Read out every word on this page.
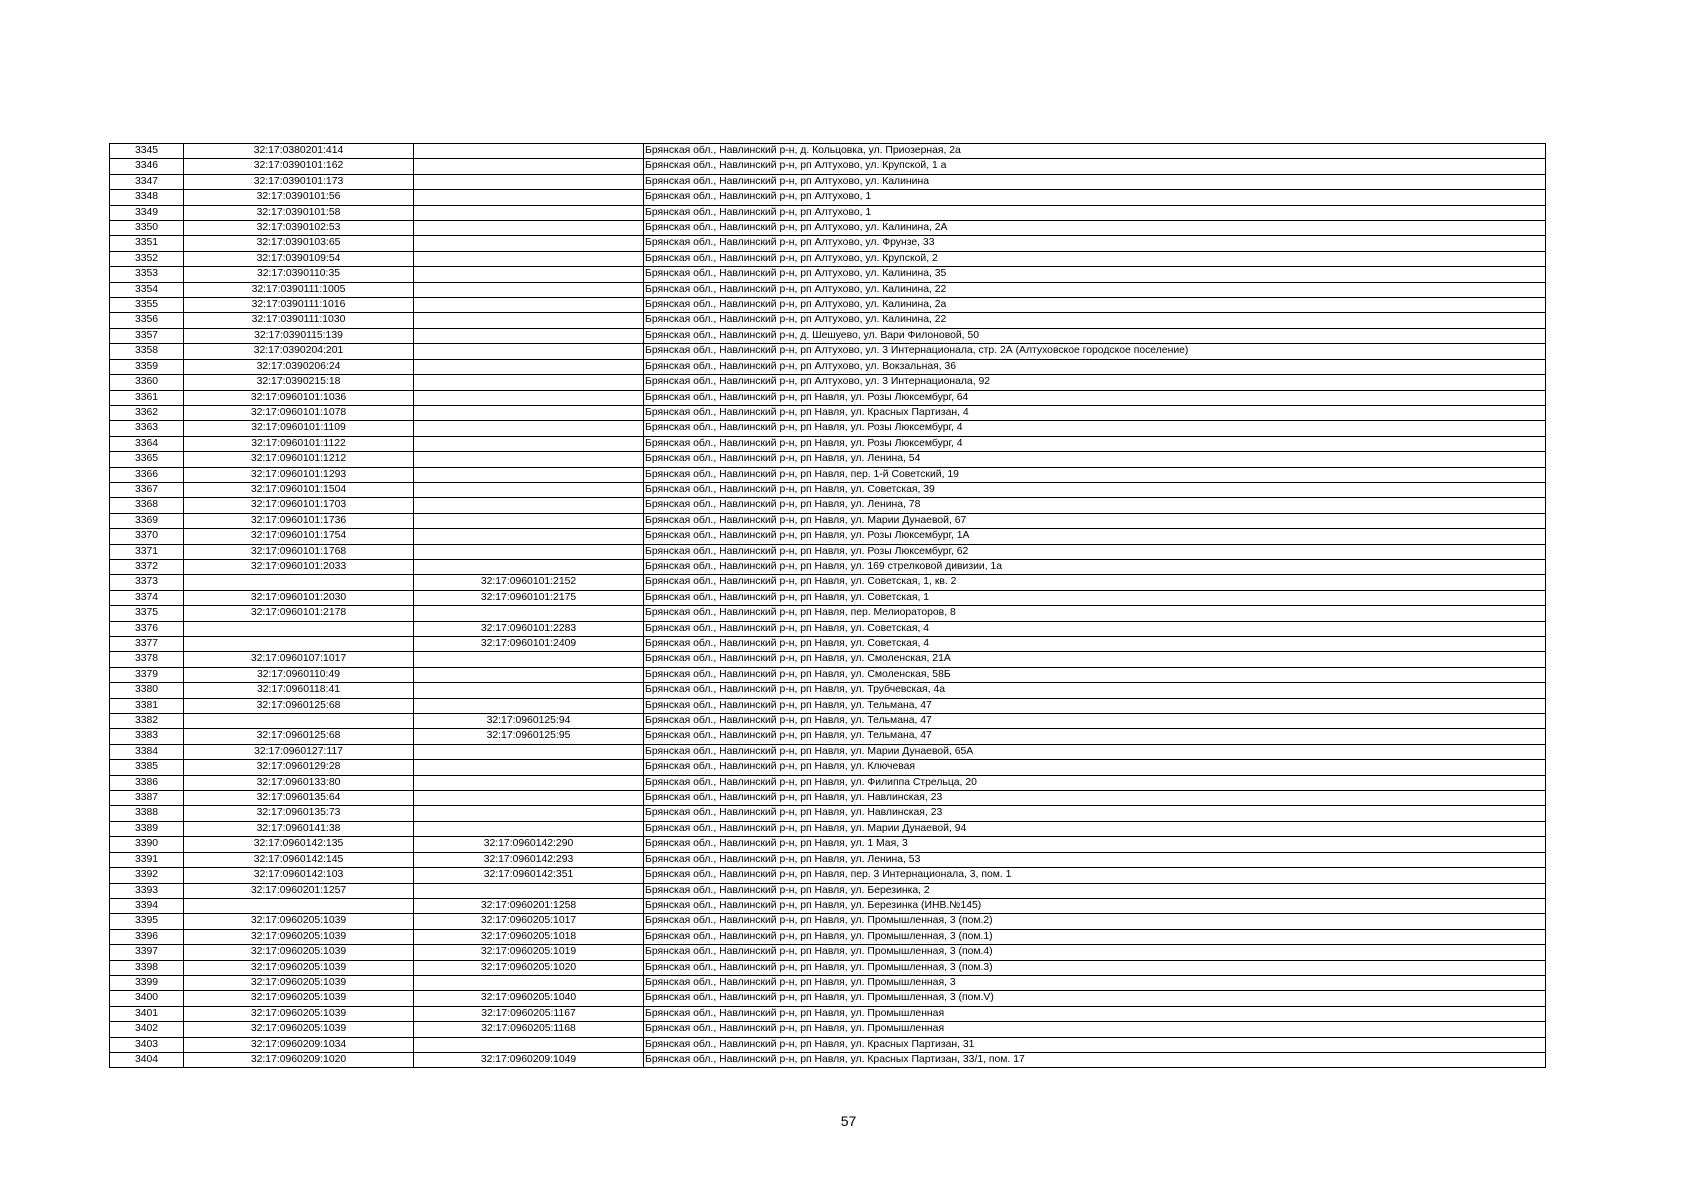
3345	32:17:0380201:414		Брянская обл., Навлинский р-н, д. Кольцовка, ул. Приозерная, 2а
3346	32:17:0390101:162		Брянская обл., Навлинский р-н, рп Алтухово, ул. Крупской, 1 а
3347	32:17:0390101:173		Брянская обл., Навлинский р-н, рп Алтухово, ул. Калинина
3348	32:17:0390101:56		Брянская обл., Навлинский р-н, рп Алтухово, 1
3349	32:17:0390101:58		Брянская обл., Навлинский р-н, рп Алтухово, 1
3350	32:17:0390102:53		Брянская обл., Навлинский р-н, рп Алтухово, ул. Калинина, 2А
3351	32:17:0390103:65		Брянская обл., Навлинский р-н, рп Алтухово, ул. Фрунзе, 33
3352	32:17:0390109:54		Брянская обл., Навлинский р-н, рп Алтухово, ул. Крупской, 2
3353	32:17:0390110:35		Брянская обл., Навлинский р-н, рп Алтухово, ул. Калинина, 35
3354	32:17:0390111:1005		Брянская обл., Навлинский р-н, рп Алтухово, ул. Калинина, 22
3355	32:17:0390111:1016		Брянская обл., Навлинский р-н, рп Алтухово, ул. Калинина, 2а
3356	32:17:0390111:1030		Брянская обл., Навлинский р-н, рп Алтухово, ул. Калинина, 22
3357	32:17:0390115:139		Брянская обл., Навлинский р-н, д. Шешуево, ул. Вари Филоновой, 50
3358	32:17:0390204:201		Брянская обл., Навлинский р-н, рп Алтухово, ул. 3 Интернационала, стр. 2А (Алтуховское городское поселение)
3359	32:17:0390206:24		Брянская обл., Навлинский р-н, рп Алтухово, ул. Вокзальная, 36
3360	32:17:0390215:18		Брянская обл., Навлинский р-н, рп Алтухово, ул. 3 Интернационала, 92
3361	32:17:0960101:1036		Брянская обл., Навлинский р-н, рп Навля, ул. Розы Люксембург, 64
3362	32:17:0960101:1078		Брянская обл., Навлинский р-н, рп Навля, ул. Красных Партизан, 4
3363	32:17:0960101:1109		Брянская обл., Навлинский р-н, рп Навля, ул. Розы Люксембург, 4
3364	32:17:0960101:1122		Брянская обл., Навлинский р-н, рп Навля, ул. Розы Люксембург, 4
3365	32:17:0960101:1212		Брянская обл., Навлинский р-н, рп Навля, ул. Ленина, 54
3366	32:17:0960101:1293		Брянская обл., Навлинский р-н, рп Навля, пер. 1-й Советский, 19
3367	32:17:0960101:1504		Брянская обл., Навлинский р-н, рп Навля, ул. Советская, 39
3368	32:17:0960101:1703		Брянская обл., Навлинский р-н, рп Навля, ул. Ленина, 78
3369	32:17:0960101:1736		Брянская обл., Навлинский р-н, рп Навля, ул. Марии Дунаевой, 67
3370	32:17:0960101:1754		Брянская обл., Навлинский р-н, рп Навля, ул. Розы Люксембург, 1А
3371	32:17:0960101:1768		Брянская обл., Навлинский р-н, рп Навля, ул. Розы Люксембург, 62
3372	32:17:0960101:2033		Брянская обл., Навлинский р-н, рп Навля, ул. 169 стрелковой дивизии, 1а
3373		32:17:0960101:2152	Брянская обл., Навлинский р-н, рп Навля, ул. Советская, 1, кв. 2
3374	32:17:0960101:2030	32:17:0960101:2175	Брянская обл., Навлинский р-н, рп Навля, ул. Советская, 1
3375	32:17:0960101:2178		Брянская обл., Навлинский р-н, рп Навля, пер. Мелиораторов, 8
3376		32:17:0960101:2283	Брянская обл., Навлинский р-н, рп Навля, ул. Советская, 4
3377		32:17:0960101:2409	Брянская обл., Навлинский р-н, рп Навля, ул. Советская, 4
3378	32:17:0960107:1017		Брянская обл., Навлинский р-н, рп Навля, ул. Смоленская, 21А
3379	32:17:0960110:49		Брянская обл., Навлинский р-н, рп Навля, ул. Смоленская, 58Б
3380	32:17:0960118:41		Брянская обл., Навлинский р-н, рп Навля, ул. Трубчевская, 4а
3381	32:17:0960125:68		Брянская обл., Навлинский р-н, рп Навля, ул. Тельмана, 47
3382		32:17:0960125:94	Брянская обл., Навлинский р-н, рп Навля, ул. Тельмана, 47
3383	32:17:0960125:68	32:17:0960125:95	Брянская обл., Навлинский р-н, рп Навля, ул. Тельмана, 47
3384	32:17:0960127:117		Брянская обл., Навлинский р-н, рп Навля, ул. Марии Дунаевой, 65А
3385	32:17:0960129:28		Брянская обл., Навлинский р-н, рп Навля, ул. Ключевая
3386	32:17:0960133:80		Брянская обл., Навлинский р-н, рп Навля, ул. Филиппа Стрельца, 20
3387	32:17:0960135:64		Брянская обл., Навлинский р-н, рп Навля, ул. Навлинская, 23
3388	32:17:0960135:73		Брянская обл., Навлинский р-н, рп Навля, ул. Навлинская, 23
3389	32:17:0960141:38		Брянская обл., Навлинский р-н, рп Навля, ул. Марии Дунаевой, 94
3390	32:17:0960142:135	32:17:0960142:290	Брянская обл., Навлинский р-н, рп Навля, ул. 1 Мая, 3
3391	32:17:0960142:145	32:17:0960142:293	Брянская обл., Навлинский р-н, рп Навля, ул. Ленина, 53
3392	32:17:0960142:103	32:17:0960142:351	Брянская обл., Навлинский р-н, рп Навля, пер. 3 Интернационала, 3, пом. 1
3393	32:17:0960201:1257		Брянская обл., Навлинский р-н, рп Навля, ул. Березинка, 2
3394		32:17:0960201:1258	Брянская обл., Навлинский р-н, рп Навля, ул. Березинка (ИНВ.№145)
3395	32:17:0960205:1039	32:17:0960205:1017	Брянская обл., Навлинский р-н, рп Навля, ул. Промышленная, 3 (пом.2)
3396	32:17:0960205:1039	32:17:0960205:1018	Брянская обл., Навлинский р-н, рп Навля, ул. Промышленная, 3 (пом.1)
3397	32:17:0960205:1039	32:17:0960205:1019	Брянская обл., Навлинский р-н, рп Навля, ул. Промышленная, 3 (пом.4)
3398	32:17:0960205:1039	32:17:0960205:1020	Брянская обл., Навлинский р-н, рп Навля, ул. Промышленная, 3 (пом.3)
3399	32:17:0960205:1039		Брянская обл., Навлинский р-н, рп Навля, ул. Промышленная, 3
3400	32:17:0960205:1039	32:17:0960205:1040	Брянская обл., Навлинский р-н, рп Навля, ул. Промышленная, 3 (пом.V)
3401	32:17:0960205:1039	32:17:0960205:1167	Брянская обл., Навлинский р-н, рп Навля, ул. Промышленная
3402	32:17:0960205:1039	32:17:0960205:1168	Брянская обл., Навлинский р-н, рп Навля, ул. Промышленная
3403	32:17:0960209:1034		Брянская обл., Навлинский р-н, рп Навля, ул. Красных Партизан, 31
3404	32:17:0960209:1020	32:17:0960209:1049	Брянская обл., Навлинский р-н, рп Навля, ул. Красных Партизан, 33/1, пом. 17
57
